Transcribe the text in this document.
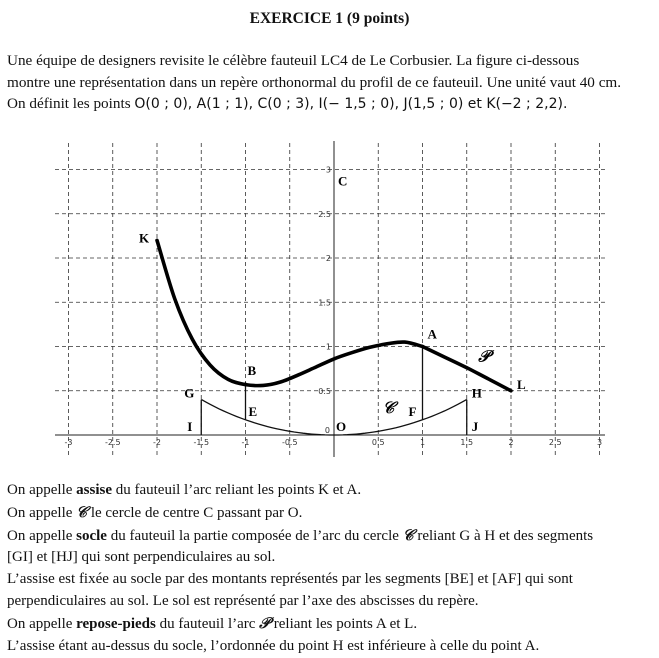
EXERCICE 1 (9 points)

Une équipe de designers revisite le célèbre fauteuil LC4 de Le Corbusier. La figure ci-dessous

montre une représentation dans un repère orthonormal du profil de ce fauteuil. Une unité vaut 40 cm.

On définit les points O(0 ; 0), A(1 ; 1), C(0 ; 3), I(− 1,5 ; 0), J(1,5 ; 0) et K(−2 ; 2,2).

-3	-2.5	-2	-1.5	-1	-0.5	0.5	1	1.5	2	2.5	3
0
0.5
1
1.5
2
2.5
3
K
B
A
L
G	H
E	F
I	J
O
C
𝒞
𝒫

On appelle assise du fauteuil l’arc reliant les points K et A.

On appelle 𝒞 le cercle de centre C passant par O.

On appelle socle du fauteuil la partie composée de l’arc du cercle 𝒞 reliant G à H et des segments

[GI] et [HJ] qui sont perpendiculaires au sol.

L’assise est fixée au socle par des montants représentés par les segments [BE] et [AF] qui sont

perpendiculaires au sol. Le sol est représenté par l’axe des abscisses du repère.

On appelle repose-pieds du fauteuil l’arc 𝒫 reliant les points A et L.

L’assise étant au-dessus du socle, l’ordonnée du point H est inférieure à celle du point A.
